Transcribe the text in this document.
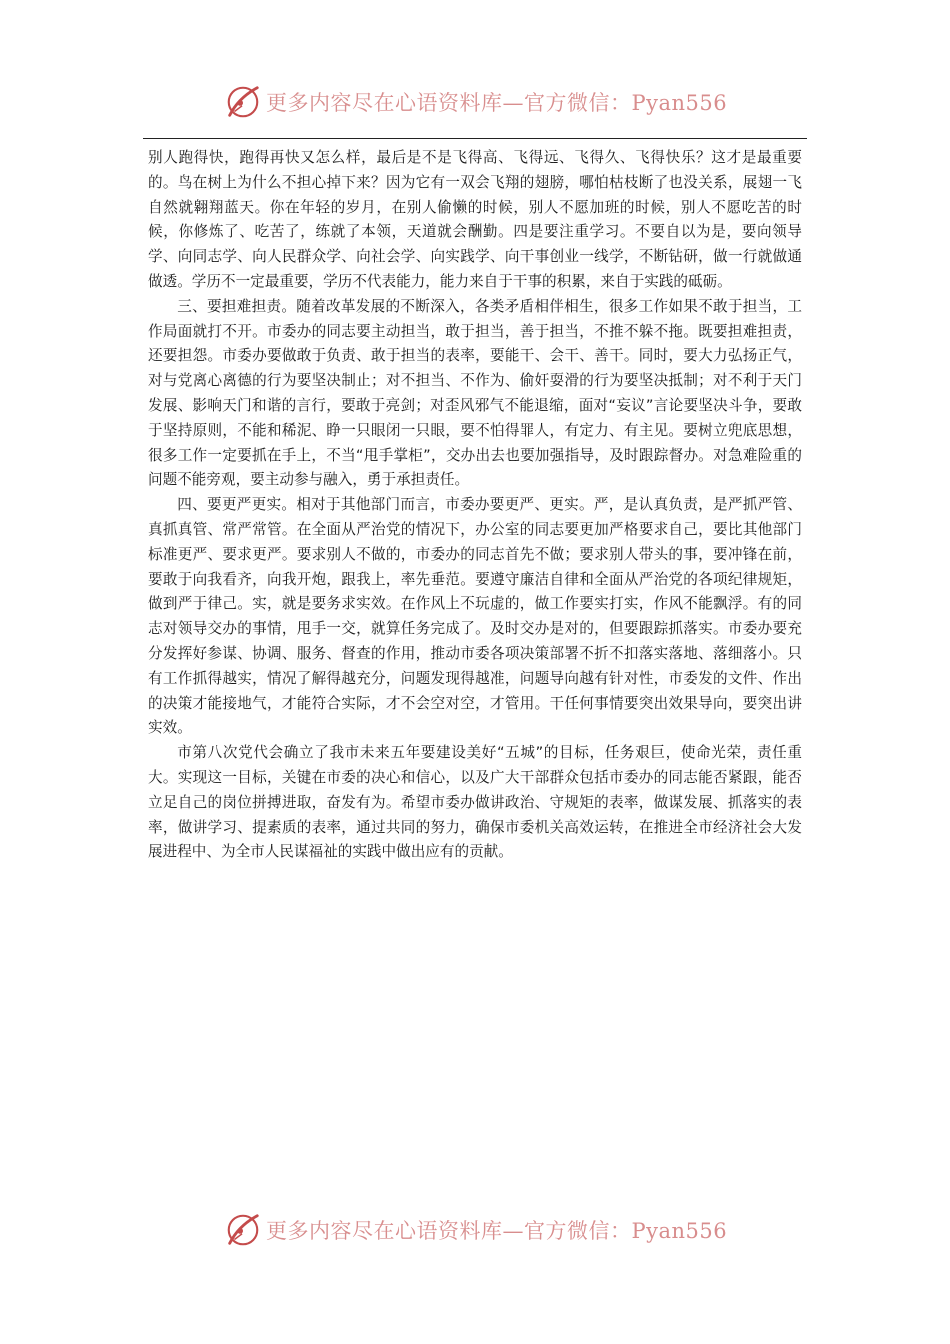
更多内容尽在心语资料库—官方微信：Pyan556

别人跑得快，跑得再快又怎么样，最后是不是飞得高、飞得远、飞得久、飞得快乐？这才是最重要的。鸟在树上为什么不担心掉下来？因为它有一双会飞翔的翅膀，哪怕枯枝断了也没关系，展翅一飞自然就翱翔蓝天。你在年轻的岁月，在别人偷懒的时候，别人不愿加班的时候，别人不愿吃苦的时候，你修炼了、吃苦了，练就了本领，天道就会酬勤。四是要注重学习。不要自以为是，要向领导学、向同志学、向人民群众学、向社会学、向实践学、向干事创业一线学，不断钻研，做一行就做通做透。学历不一定最重要，学历不代表能力，能力来自于干事的积累，来自于实践的砥砺。

三、要担难担责。随着改革发展的不断深入，各类矛盾相伴相生，很多工作如果不敢于担当，工作局面就打不开。市委办的同志要主动担当，敢于担当，善于担当，不推不躲不拖。既要担难担责，还要担怨。市委办要做敢于负责、敢于担当的表率，要能干、会干、善干。同时，要大力弘扬正气，对与党离心离德的行为要坚决制止；对不担当、不作为、偷奸耍滑的行为要坚决抵制；对不利于天门发展、影响天门和谐的言行，要敢于亮剑；对歪风邪气不能退缩，面对“妄议”言论要坚决斗争，要敢于坚持原则，不能和稀泥、睁一只眼闭一只眼，要不怕得罪人，有定力、有主见。要树立兜底思想，很多工作一定要抓在手上，不当“甩手掌柜”，交办出去也要加强指导，及时跟踪督办。对急难险重的问题不能旁观，要主动参与融入，勇于承担责任。

四、要更严更实。相对于其他部门而言，市委办要更严、更实。严，是认真负责，是严抓严管、真抓真管、常严常管。在全面从严治党的情况下，办公室的同志要更加严格要求自己，要比其他部门标准更严、要求更严。要求别人不做的，市委办的同志首先不做；要求别人带头的事，要冲锋在前，要敢于向我看齐，向我开炮，跟我上，率先垂范。要遵守廉洁自律和全面从严治党的各项纪律规矩，做到严于律己。实，就是要务求实效。在作风上不玩虚的，做工作要实打实，作风不能飘浮。有的同志对领导交办的事情，甩手一交，就算任务完成了。及时交办是对的，但要跟踪抓落实。市委办要充分发挥好参谋、协调、服务、督查的作用，推动市委各项决策部署不折不扣落实落地、落细落小。只有工作抓得越实，情况了解得越充分，问题发现得越准，问题导向越有针对性，市委发的文件、作出的决策才能接地气，才能符合实际，才不会空对空，才管用。干任何事情要突出效果导向，要突出讲实效。

市第八次党代会确立了我市未来五年要建设美好“五城”的目标，任务艰巨，使命光荣，责任重大。实现这一目标，关键在市委的决心和信心，以及广大干部群众包括市委办的同志能否紧跟，能否立足自己的岗位拼搏进取，奋发有为。希望市委办做讲政治、守规矩的表率，做谋发展、抓落实的表率，做讲学习、提素质的表率，通过共同的努力，确保市委机关高效运转，在推进全市经济社会大发展进程中、为全市人民谋福祉的实践中做出应有的贡献。

更多内容尽在心语资料库—官方微信：Pyan556
